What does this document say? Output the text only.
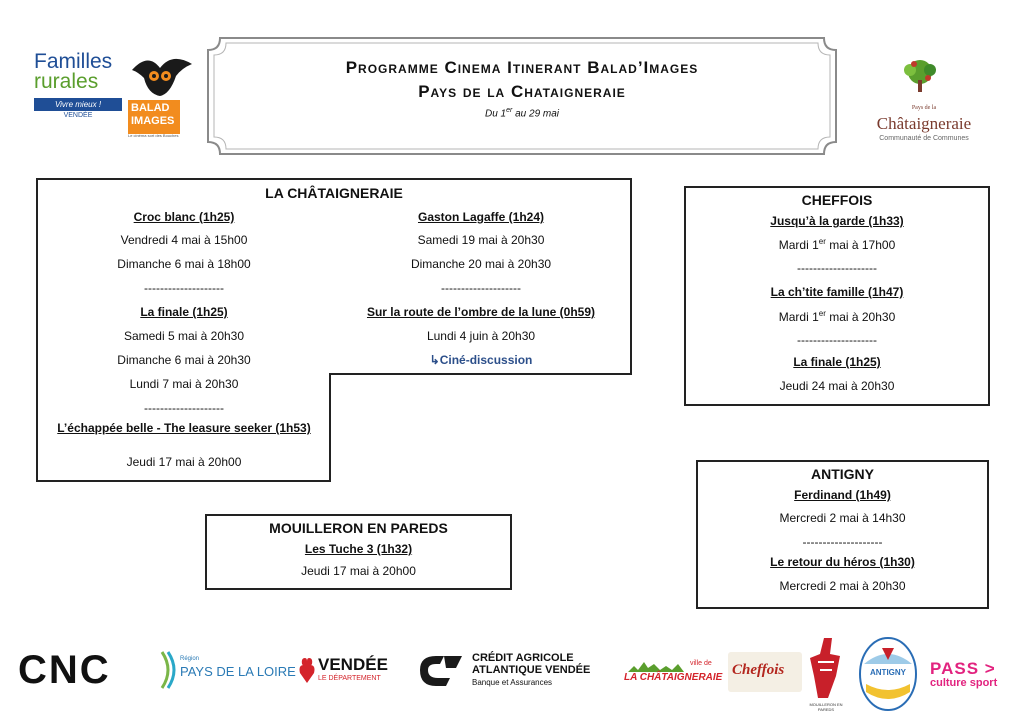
Familles
rurales
Vivre mieux !
VENDÉE
BALAD
IMAGES
Le cinéma sort des Bouches
Programme Cinema Itinerant Balad’Images
Pays de la Chataigneraie
Du 1er au 29 mai
Pays de la Châtaigneraie
Communauté de Communes
LA CHÂTAIGNERAIE
Croc blanc (1h25)
Vendredi 4 mai à 15h00
Dimanche 6 mai à 18h00
--------------------
La finale (1h25)
Samedi 5 mai à 20h30
Dimanche 6 mai à 20h30
Lundi 7 mai à 20h30
--------------------
L’échappée belle - The leasure seeker (1h53)
Jeudi 17 mai à 20h00
Gaston Lagaffe (1h24)
Samedi 19 mai à 20h30
Dimanche 20 mai à 20h30
--------------------
Sur la route de l’ombre de la lune (0h59)
Lundi 4 juin à 20h30
↳Ciné-discussion
CHEFFOIS
Jusqu’à la garde (1h33)
Mardi 1er mai à 17h00
--------------------
La ch’tite famille (1h47)
Mardi 1er mai à 20h30
--------------------
La finale (1h25)
Jeudi 24 mai à 20h30
MOUILLERON EN PAREDS
Les Tuche 3 (1h32)
Jeudi 17 mai à 20h00
ANTIGNY
Ferdinand (1h49)
Mercredi 2 mai à 14h30
--------------------
Le retour du héros (1h30)
Mercredi 2 mai à 20h30
CNC	Région
PAYS DE LA LOIRE VENDÉE
LE DÉPARTEMENT
CRÉDIT AGRICOLE
ATLANTIQUE VENDÉE
Banque et Assurances
ville de
LA CHÂTAIGNERAIE Cheffois
MOUILLERON EN PAREDS
ANTIGNY	PASS >
culture sport
